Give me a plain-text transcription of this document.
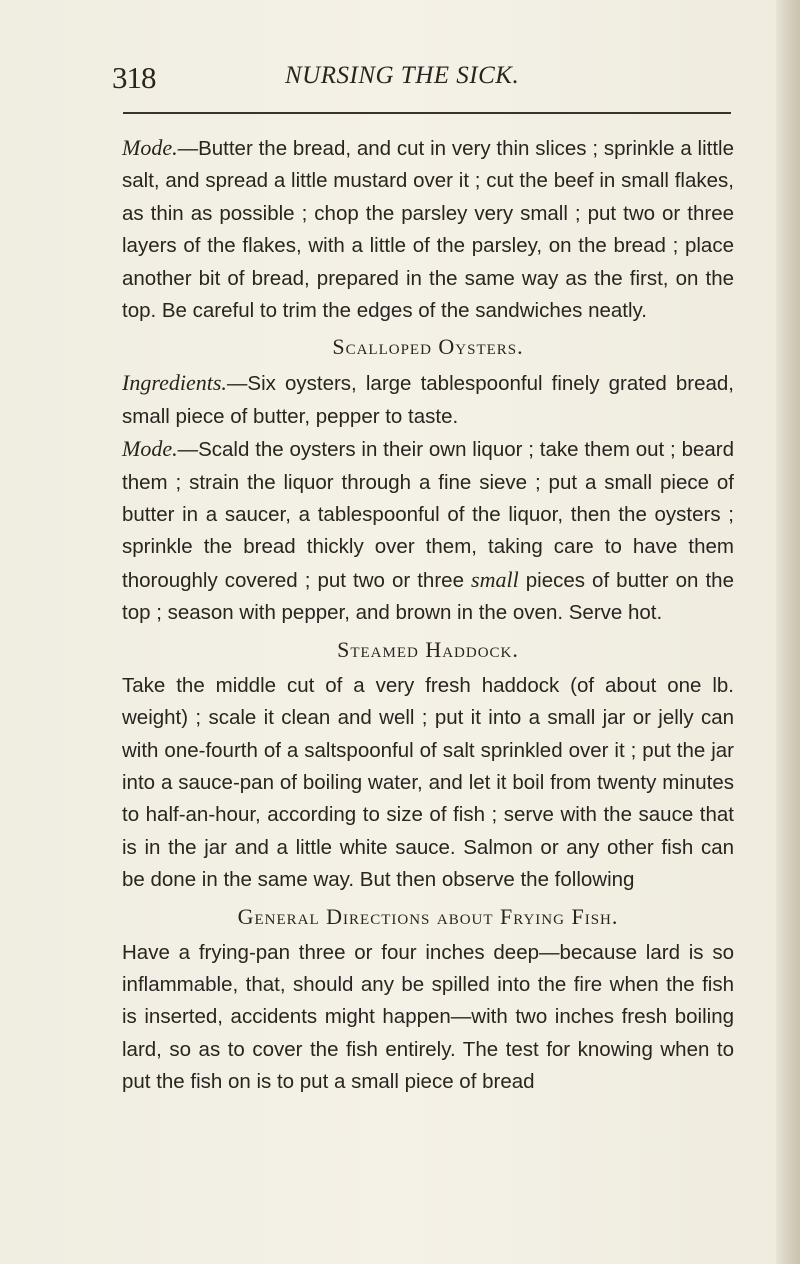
318	NURSING THE SICK.

Mode.—Butter the bread, and cut in very thin slices ; sprinkle a little salt, and spread a little mustard over it ; cut the beef in small flakes, as thin as possible ; chop the parsley very small ; put two or three layers of the flakes, with a little of the parsley, on the bread ; place another bit of bread, prepared in the same way as the first, on the top. Be careful to trim the edges of the sandwiches neatly.

Scalloped Oysters.

Ingredients.—Six oysters, large tablespoonful finely grated bread, small piece of butter, pepper to taste.

Mode.—Scald the oysters in their own liquor ; take them out ; beard them ; strain the liquor through a fine sieve ; put a small piece of butter in a saucer, a tablespoonful of the liquor, then the oysters ; sprinkle the bread thickly over them, taking care to have them thoroughly covered ; put two or three small pieces of butter on the top ; season with pepper, and brown in the oven. Serve hot.

Steamed Haddock.

Take the middle cut of a very fresh haddock (of about one lb. weight) ; scale it clean and well ; put it into a small jar or jelly can with one-fourth of a saltspoonful of salt sprinkled over it ; put the jar into a sauce-pan of boiling water, and let it boil from twenty minutes to half-an-hour, according to size of fish ; serve with the sauce that is in the jar and a little white sauce. Salmon or any other fish can be done in the same way. But then observe the following

General Directions about Frying Fish.

Have a frying-pan three or four inches deep—because lard is so inflammable, that, should any be spilled into the fire when the fish is inserted, accidents might happen—with two inches fresh boiling lard, so as to cover the fish entirely. The test for knowing when to put the fish on is to put a small piece of bread
